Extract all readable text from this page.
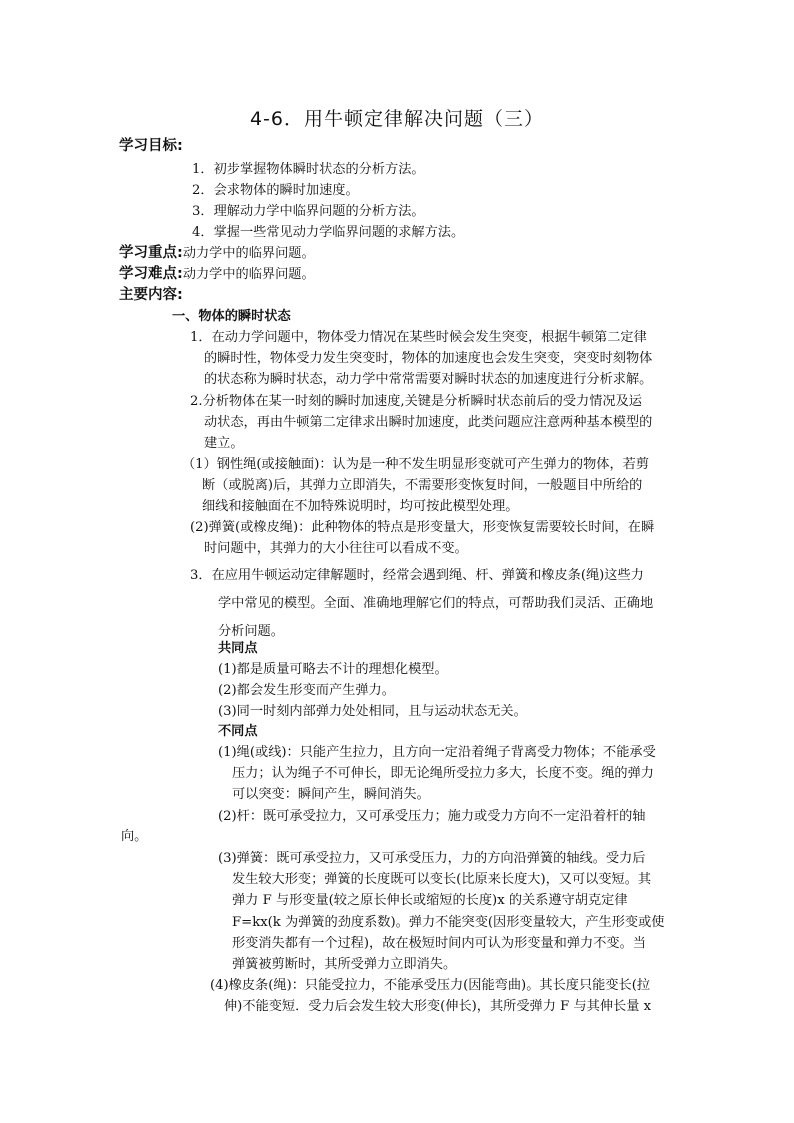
4-6．用牛顿定律解决问题（三）
学习目标:
1．初步掌握物体瞬时状态的分析方法。
2．会求物体的瞬时加速度。
3．理解动力学中临界问题的分析方法。
4．掌握一些常见动力学临界问题的求解方法。
学习重点:动力学中的临界问题。
学习难点:动力学中的临界问题。
主要内容:
一、物体的瞬时状态
1．在动力学问题中，物体受力情况在某些时候会发生突变，根据牛顿第二定律
的瞬时性，物体受力发生突变时，物体的加速度也会发生突变，突变时刻物体
的状态称为瞬时状态，动力学中常常需要对瞬时状态的加速度进行分析求解。
2.分析物体在某一时刻的瞬时加速度,关键是分析瞬时状态前后的受力情况及运
动状态，再由牛顿第二定律求出瞬时加速度，此类问题应注意两种基本模型的
建立。
（1）钢性绳(或接触面)：认为是一种不发生明显形变就可产生弹力的物体，若剪
断（或脱离)后，其弹力立即消失，不需要形变恢复时间，一般题目中所给的
细线和接触面在不加特殊说明时，均可按此模型处理。
(2)弹簧(或橡皮绳)：此种物体的特点是形变量大，形变恢复需要较长时间，在瞬
时问题中，其弹力的大小往往可以看成不变。
3．在应用牛顿运动定律解题时，经常会遇到绳、杆、弹簧和橡皮条(绳)这些力
学中常见的模型。全面、准确地理解它们的特点，可帮助我们灵活、正确地
分析问题。
共同点
(1)都是质量可略去不计的理想化模型。
(2)都会发生形变而产生弹力。
(3)同一时刻内部弹力处处相同，且与运动状态无关。
不同点
(1)绳(或线)：只能产生拉力，且方向一定沿着绳子背离受力物体；不能承受
压力；认为绳子不可伸长，即无论绳所受拉力多大，长度不变。绳的弹力
可以突变：瞬间产生，瞬间消失。
(2)杆：既可承受拉力，又可承受压力；施力或受力方向不一定沿着杆的轴
向。
(3)弹簧：既可承受拉力，又可承受压力，力的方向沿弹簧的轴线。受力后
发生较大形变；弹簧的长度既可以变长(比原来长度大)，又可以变短。其
弹力 F 与形变量(较之原长伸长或缩短的长度)x 的关系遵守胡克定律
F=kx(k 为弹簧的劲度系数)。弹力不能突变(因形变量较大，产生形变或使
形变消失都有一个过程)，故在极短时间内可认为形变量和弹力不变。当
弹簧被剪断时，其所受弹力立即消失。
(4)橡皮条(绳)：只能受拉力，不能承受压力(因能弯曲)。其长度只能变长(拉
伸)不能变短．受力后会发生较大形变(伸长)，其所受弹力 F 与其伸长量 x
